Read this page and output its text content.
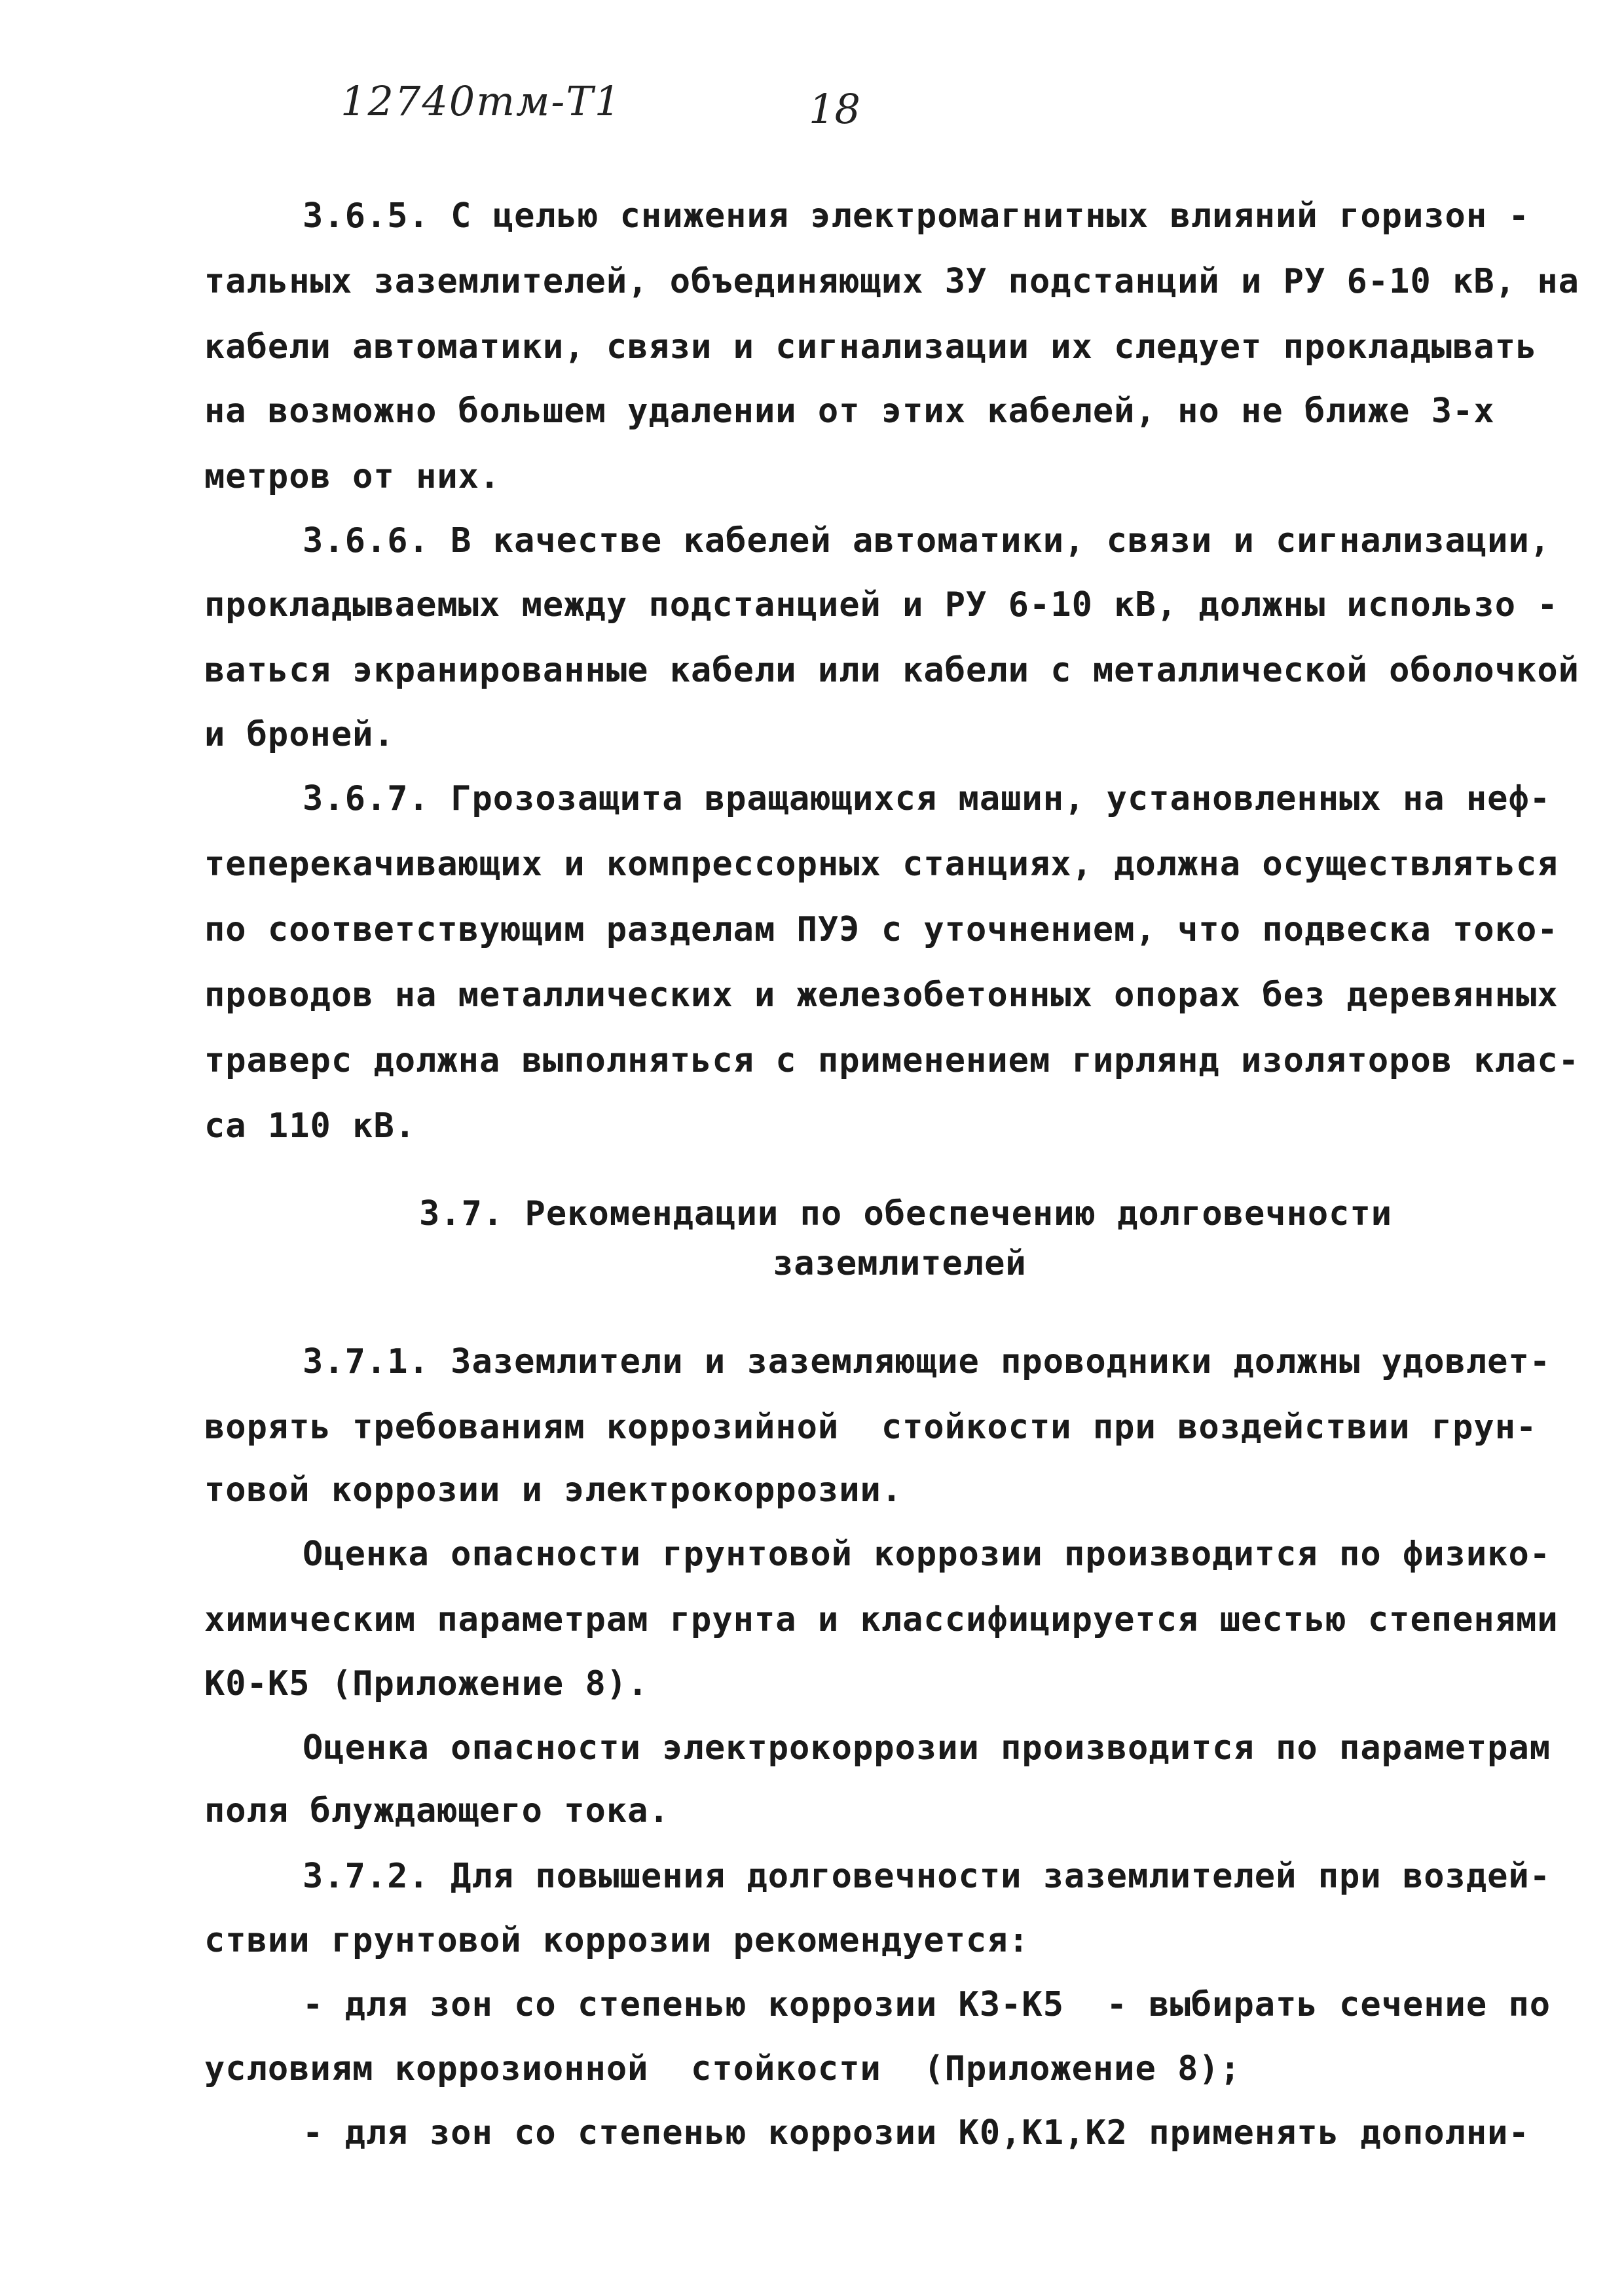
12740тм-Т1	18
3.6.5. С целью снижения электромагнитных влияний горизон -
тальных заземлителей, объединяющих ЗУ подстанций и РУ 6-10 кВ, на
кабели автоматики, связи и сигнализации их следует прокладывать
на возможно большем удалении от этих кабелей, но не ближе 3-х
метров от них.
3.6.6. В качестве кабелей автоматики, связи и сигнализации,
прокладываемых между подстанцией и РУ 6-10 кВ, должны использо -
ваться экранированные кабели или кабели с металлической оболочкой
и броней.
3.6.7. Грозозащита вращающихся машин, установленных на неф-
теперекачивающих и компрессорных станциях, должна осуществляться
по соответствующим разделам ПУЭ с уточнением, что подвеска токо-
проводов на металлических и железобетонных опорах без деревянных
траверс должна выполняться с применением гирлянд изоляторов клас-
са 110 кВ.
3.7. Рекомендации по обеспечению долговечности
заземлителей
3.7.1. Заземлители и заземляющие проводники должны удовлет-
ворять требованиям коррозийной  стойкости при воздействии грун-
товой коррозии и электрокоррозии.
Оценка опасности грунтовой коррозии производится по физико-
химическим параметрам грунта и классифицируется шестью степенями
К0-К5 (Приложение 8).
Оценка опасности электрокоррозии производится по параметрам
поля блуждающего тока.
3.7.2. Для повышения долговечности заземлителей при воздей-
ствии грунтовой коррозии рекомендуется:
- для зон со степенью коррозии К3-К5  - выбирать сечение по
условиям коррозионной  стойкости  (Приложение 8);
- для зон со степенью коррозии К0,К1,К2 применять дополни-
